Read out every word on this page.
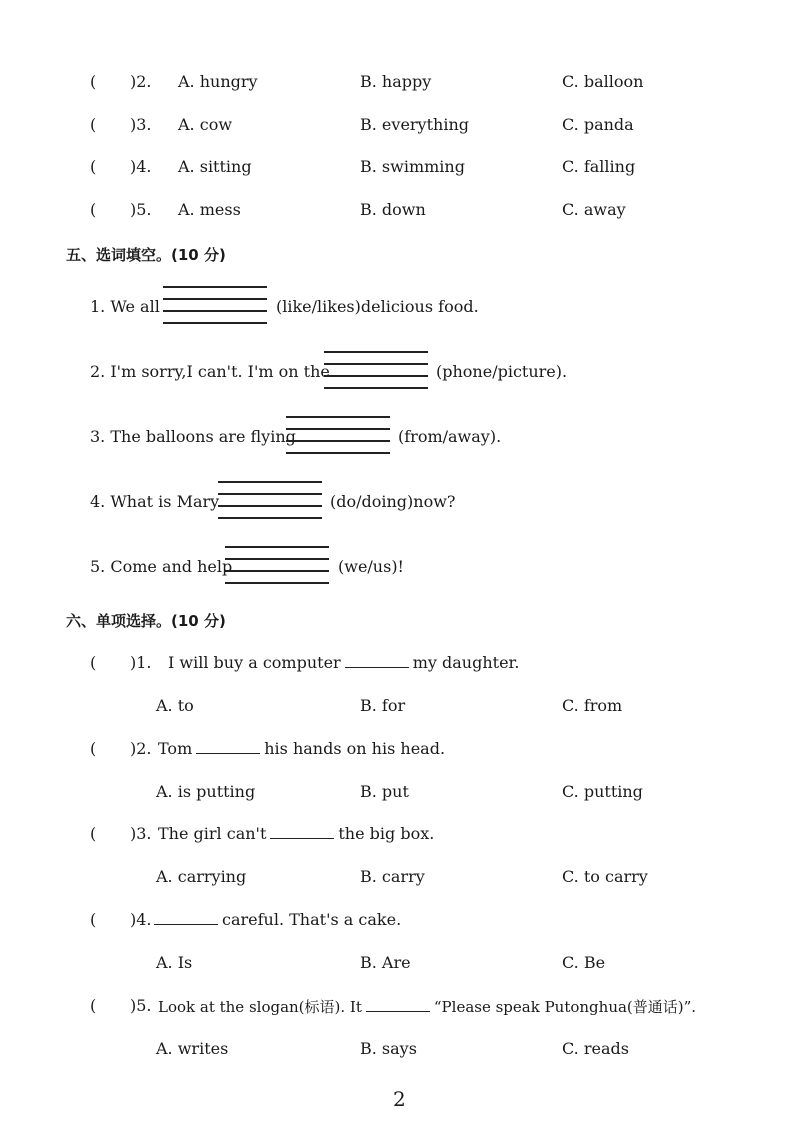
( )2. A. hungry	B. happy	C. balloon
( )3. A. cow	B. everything	C. panda
( )4. A. sitting	B. swimming	C. falling
( )5. A. mess	B. down	C. away
五、选词填空。(10 分)
1. We all	(like/likes)delicious food.
2. I'm sorry,I can't. I'm on the	(phone/picture).
3. The balloons are flying	(from/away).
4. What is Mary	(do/doing)now?
5. Come and help	(we/us)!
六、单项选择。(10 分)
( )1. I will buy a computer	my daughter.
A. to	B. for	C. from
( )2. Tom	his hands on his head.
A. is putting	B. put	C. putting
( )3. The girl can't	the big box.
A. carrying	B. carry	C. to carry
( )4.	careful. That's a cake.
A. Is	B. Are	C. Be
( )5. Look at the slogan(标语). It	“Please speak Putonghua(普通话)”.
A. writes	B. says	C. reads
2
